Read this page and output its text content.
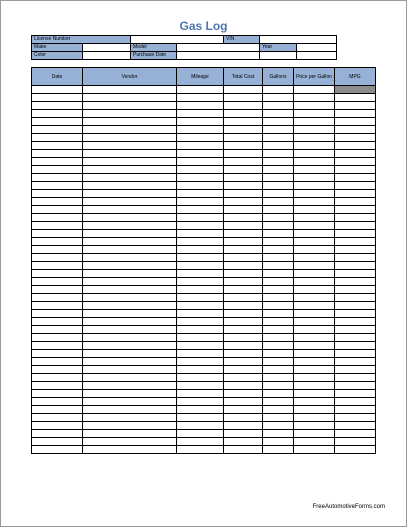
Gas Log
License Number				VIN		
Make		Model			Year	
Color		Purchase Date				
Date	Vendor	Mileage	Total Cost	Gallons	Price per Gallon	MPG

FreeAutomotiveForms.com
